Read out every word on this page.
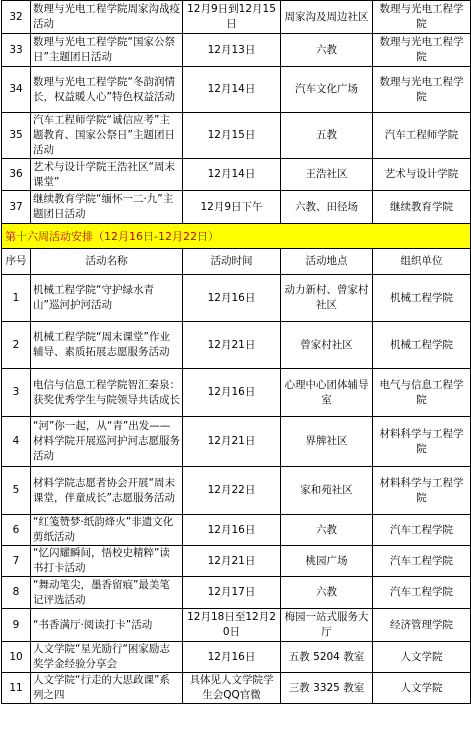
32	数理与光电工程学院周家沟战疫活动	12月9日到12月15日	周家沟及周边社区	数理与光电工程学院
33	数理与光电工程学院“国家公祭日”主题团日活动	12月13日	六教	数理与光电工程学院
34	数理与光电工程学院“冬韵润情长，权益暖人心”特色权益活动	12月14日	汽车文化广场	数理与光电工程学院
35	汽车工程师学院“诚信应考”主题教育、国家公祭日”主题团日活动	12月15日	五教	汽车工程师学院
36	艺术与设计学院王浩社区“周末课堂”	12月14日	王浩社区	艺术与设计学院
37	继续教育学院“缅怀一二·九”主题团日活动	12月9日下午	六教、田径场	继续教育学院
第十六周活动安排（12月16日-12月22日）				
序号	活动名称	活动时间	活动地点	组织单位
1	机械工程学院“守护绿水青山”巡河护河活动	12月16日	动力新村、曾家村社区	机械工程学院
2	机械工程学院“周末课堂”作业辅导、素质拓展志愿服务活动	12月21日	曾家村社区	机械工程学院
3	电信与信息工程学院智汇秦泉：获奖优秀学生与院领导共话成长	12月16日	心理中心团体辅导室	电气与信息工程学院
4	“河”你一起，从“青”出发——材料学院开展巡河护河志愿服务活动	12月21日	界牌社区	材料科学与工程学院
5	材料学院志愿者协会开展“周末课堂，伴童成长”志愿服务活动	12月22日	家和苑社区	材料科学与工程学院
6	“红笺赞梦·纸韵烽火”非遗文化剪纸活动	12月16日	六教	汽车工程学院
7	“忆闪耀瞬间，悟校史精粹”读书打卡活动	12月21日	桃园广场	汽车工程学院
8	“舞动笔尖，墨香留痕”最美笔记评选活动	12月17日	六教	汽车工程学院
9	“书香满厅·阅读打卡”活动	12月18日至12月20日	梅园一站式服务大厅	经济管理学院
10	人文学院“星光励行“困家励志奖学金经验分享会	12月16日	五教 5204 教室	人文学院
11	人文学院“行走的大思政课”系列之四	具体见人文学院学生会QQ官微	三教 3325 教室	人文学院
